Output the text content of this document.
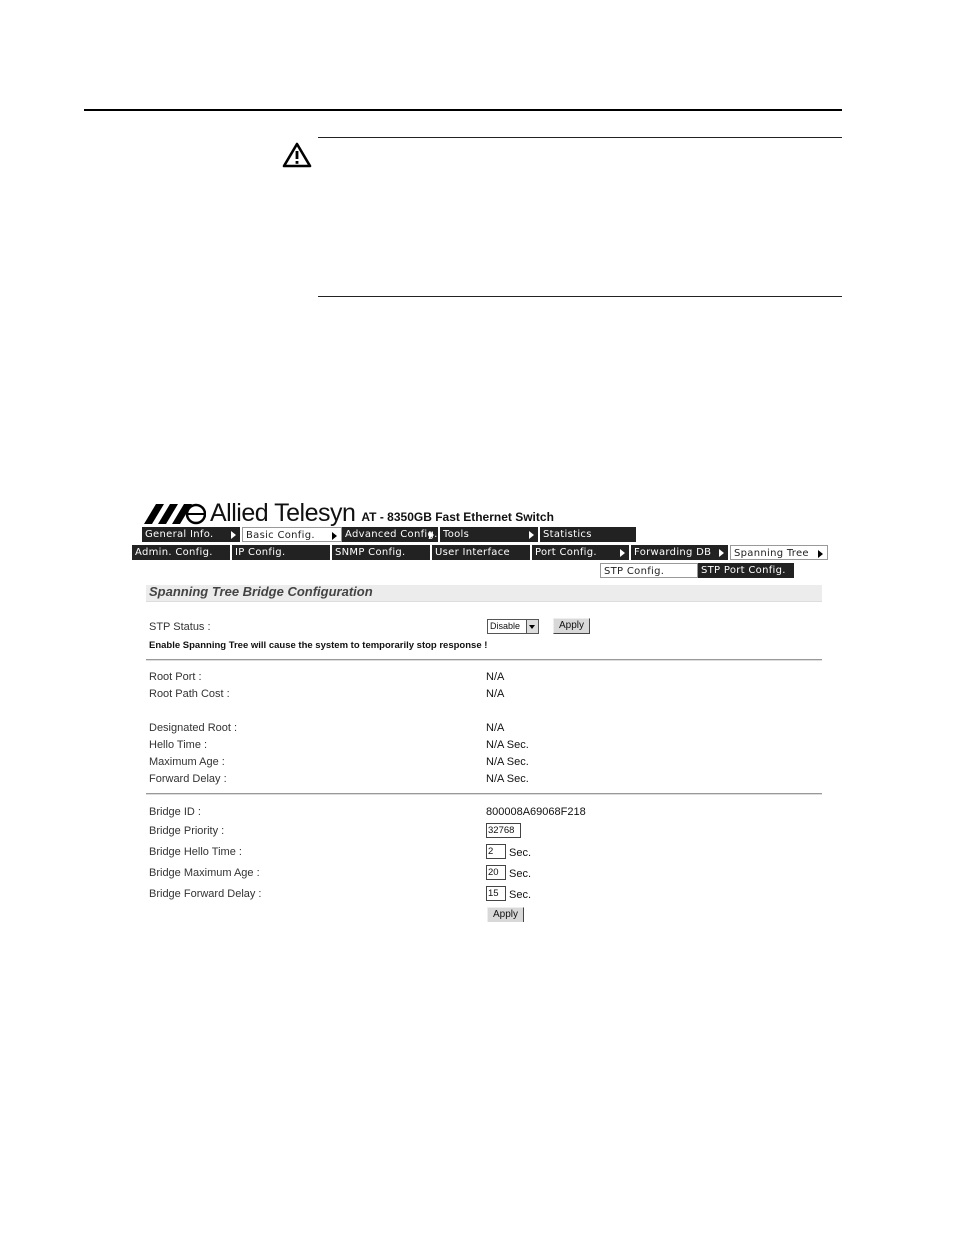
Allied Telesyn AT - 8350GB Fast Ethernet Switch
General Info.	Basic Config.	Advanced Config. Tools	Statistics
Admin. Config.	IP Config.	SNMP Config.	User Interface	Port Config.	Forwarding DB	Spanning Tree
STP Config.	STP Port Config.
Spanning Tree Bridge Configuration
STP Status :	Disable	Apply
Enable Spanning Tree will cause the system to temporarily stop response !
Root Port :	N/A
Root Path Cost :	N/A
Designated Root :	N/A
Hello Time :	N/A Sec.
Maximum Age :	N/A Sec.
Forward Delay :	N/A Sec.
Bridge ID :	800008A69068F218
Bridge Priority :	32768
Bridge Hello Time :	2	Sec.
Bridge Maximum Age :	20 Sec.
Bridge Forward Delay :	15 Sec.
Apply
